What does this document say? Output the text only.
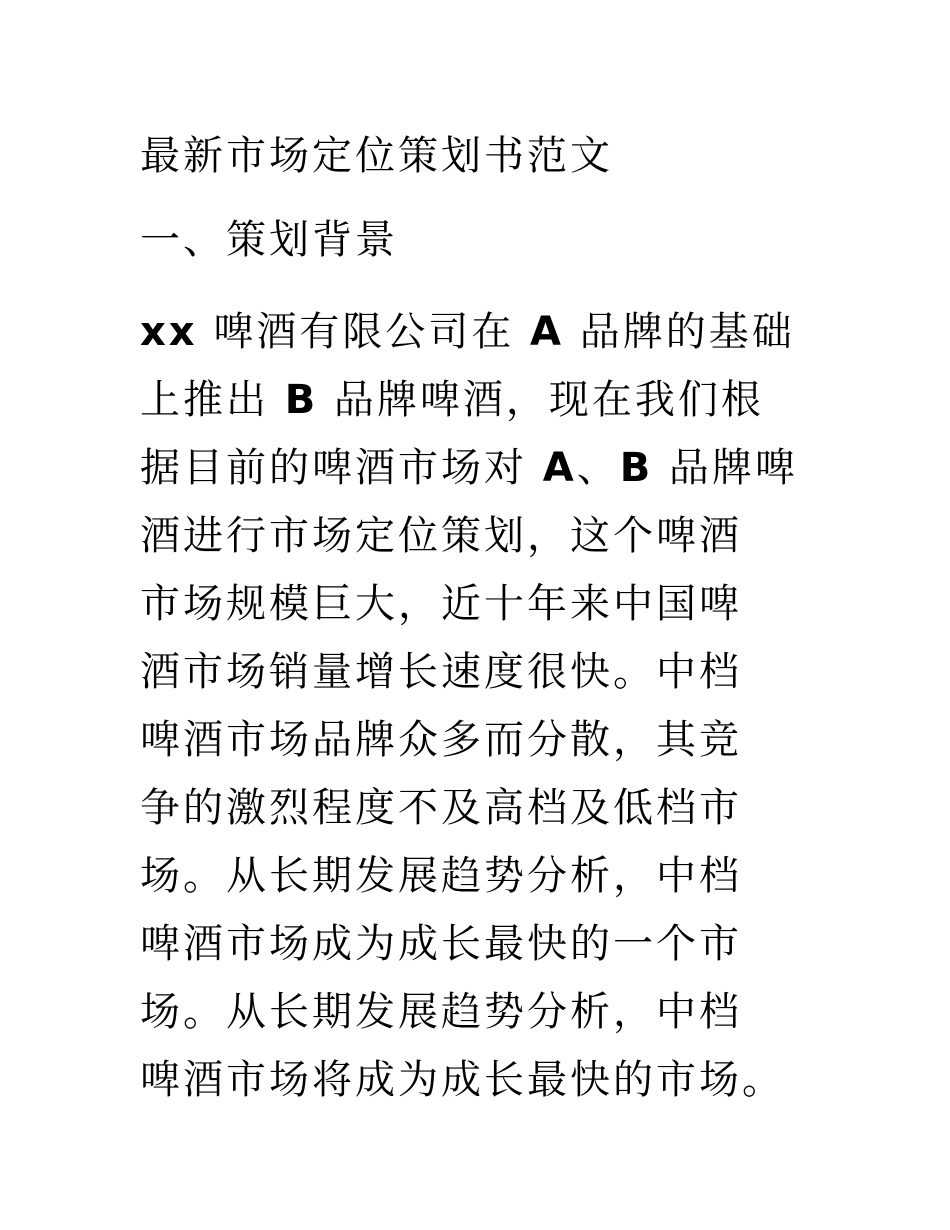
最新市场定位策划书范文
一、策划背景
xx 啤酒有限公司在 A 品牌的基础
上推出 B 品牌啤酒，现在我们根
据目前的啤酒市场对 A、B 品牌啤
酒进行市场定位策划，这个啤酒
市场规模巨大，近十年来中国啤
酒市场销量增长速度很快。中档
啤酒市场品牌众多而分散，其竞
争的激烈程度不及高档及低档市
场。从长期发展趋势分析，中档
啤酒市场成为成长最快的一个市
场。从长期发展趋势分析，中档
啤酒市场将成为成长最快的市场。
